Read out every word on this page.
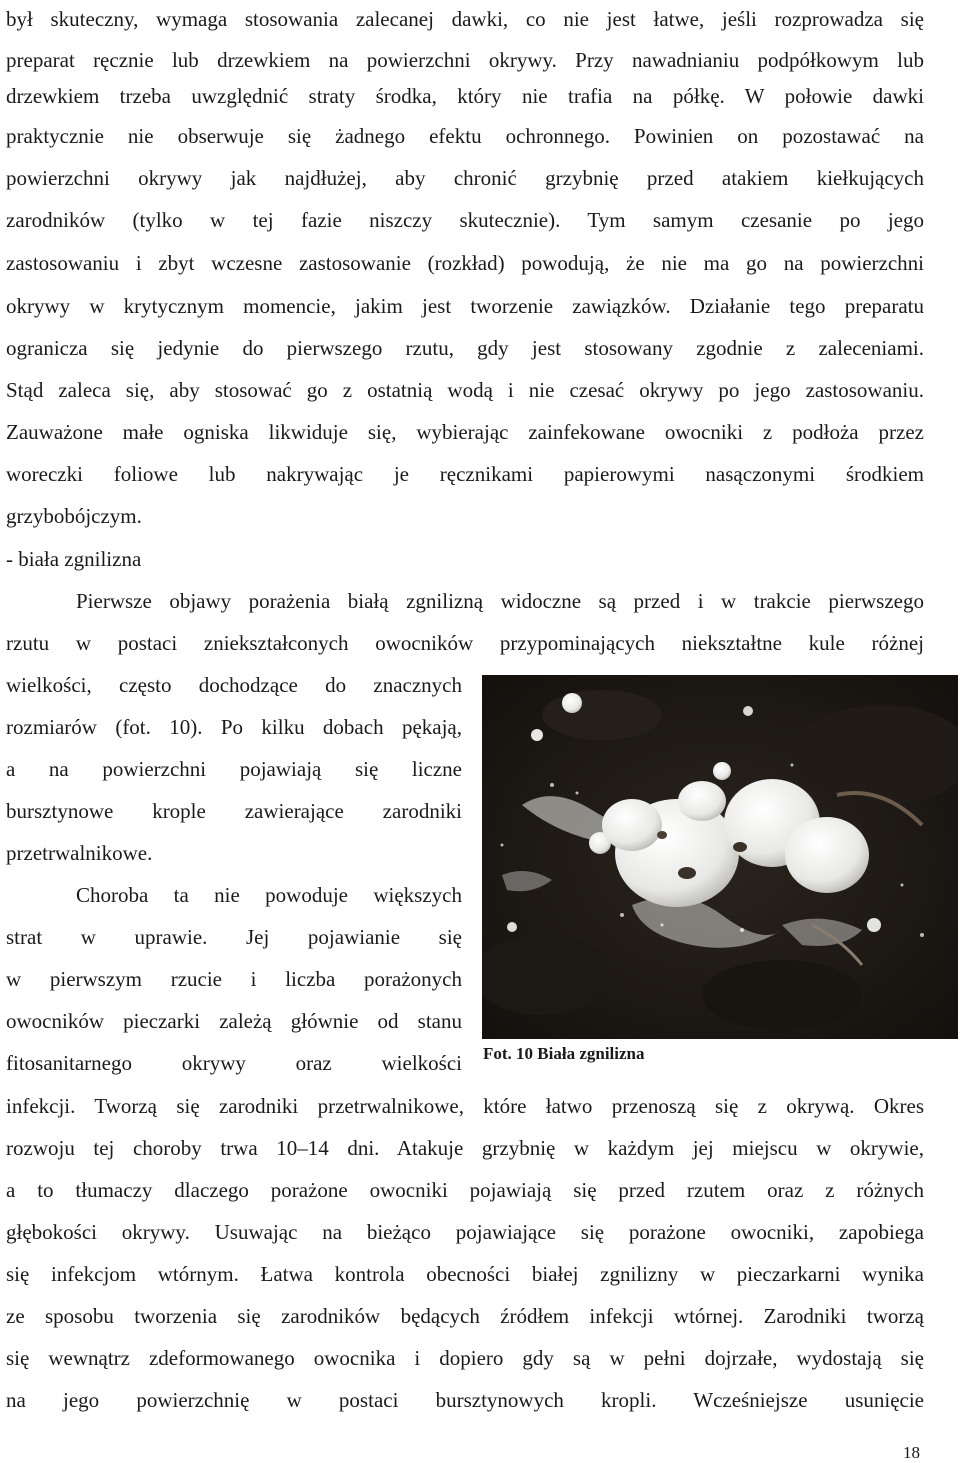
był skuteczny, wymaga stosowania zalecanej dawki, co nie jest łatwe, jeśli rozprowadza się
preparat ręcznie lub drzewkiem na powierzchni okrywy. Przy nawadnianiu podpółkowym lub
drzewkiem trzeba uwzględnić straty środka, który nie trafia na półkę. W połowie dawki
praktycznie nie obserwuje się żadnego efektu ochronnego. Powinien on pozostawać na
powierzchni okrywy jak najdłużej, aby chronić grzybnię przed atakiem kiełkujących
zarodników (tylko w tej fazie niszczy skutecznie). Tym samym czesanie po jego
zastosowaniu i zbyt wczesne zastosowanie (rozkład) powodują, że nie ma go na powierzchni
okrywy w krytycznym momencie, jakim jest tworzenie zawiązków. Działanie tego preparatu
ogranicza się jedynie do pierwszego rzutu, gdy jest stosowany zgodnie z zaleceniami.
Stąd zaleca się, aby stosować go z ostatnią wodą i nie czesać okrywy po jego zastosowaniu.
Zauważone małe ogniska likwiduje się, wybierając zainfekowane owocniki z podłoża przez
woreczki foliowe lub nakrywając je ręcznikami papierowymi nasączonymi środkiem
grzybobójczym.
- biała zgnilizna
Pierwsze objawy porażenia białą zgnilizną widoczne są przed i w trakcie pierwszego
rzutu w postaci zniekształconych owocników przypominających niekształtne kule różnej
wielkości, często dochodzące do znacznych
rozmiarów (fot. 10). Po kilku dobach pękają,
a na powierzchni pojawiają się liczne
bursztynowe krople zawierające zarodniki
przetrwalnikowe.
Choroba ta nie powoduje większych
strat w uprawie. Jej pojawianie się
w pierwszym rzucie i liczba porażonych
owocników pieczarki zależą głównie od stanu
fitosanitarnego okrywy oraz wielkości
infekcji. Tworzą się zarodniki przetrwalnikowe, które łatwo przenoszą się z okrywą. Okres
rozwoju tej choroby trwa 10–14 dni. Atakuje grzybnię w każdym jej miejscu w okrywie,
a to tłumaczy dlaczego porażone owocniki pojawiają się przed rzutem oraz z różnych
głębokości okrywy. Usuwając na bieżąco pojawiające się porażone owocniki, zapobiega
się infekcjom wtórnym. Łatwa kontrola obecności białej zgnilizny w pieczarkarni wynika
ze sposobu tworzenia się zarodników będących źródłem infekcji wtórnej. Zarodniki tworzą
się wewnątrz zdeformowanego owocnika i dopiero gdy są w pełni dojrzałe, wydostają się
na jego powierzchnię w postaci bursztynowych kropli. Wcześniejsze usunięcie
Fot. 10 Biała zgnilizna
18
